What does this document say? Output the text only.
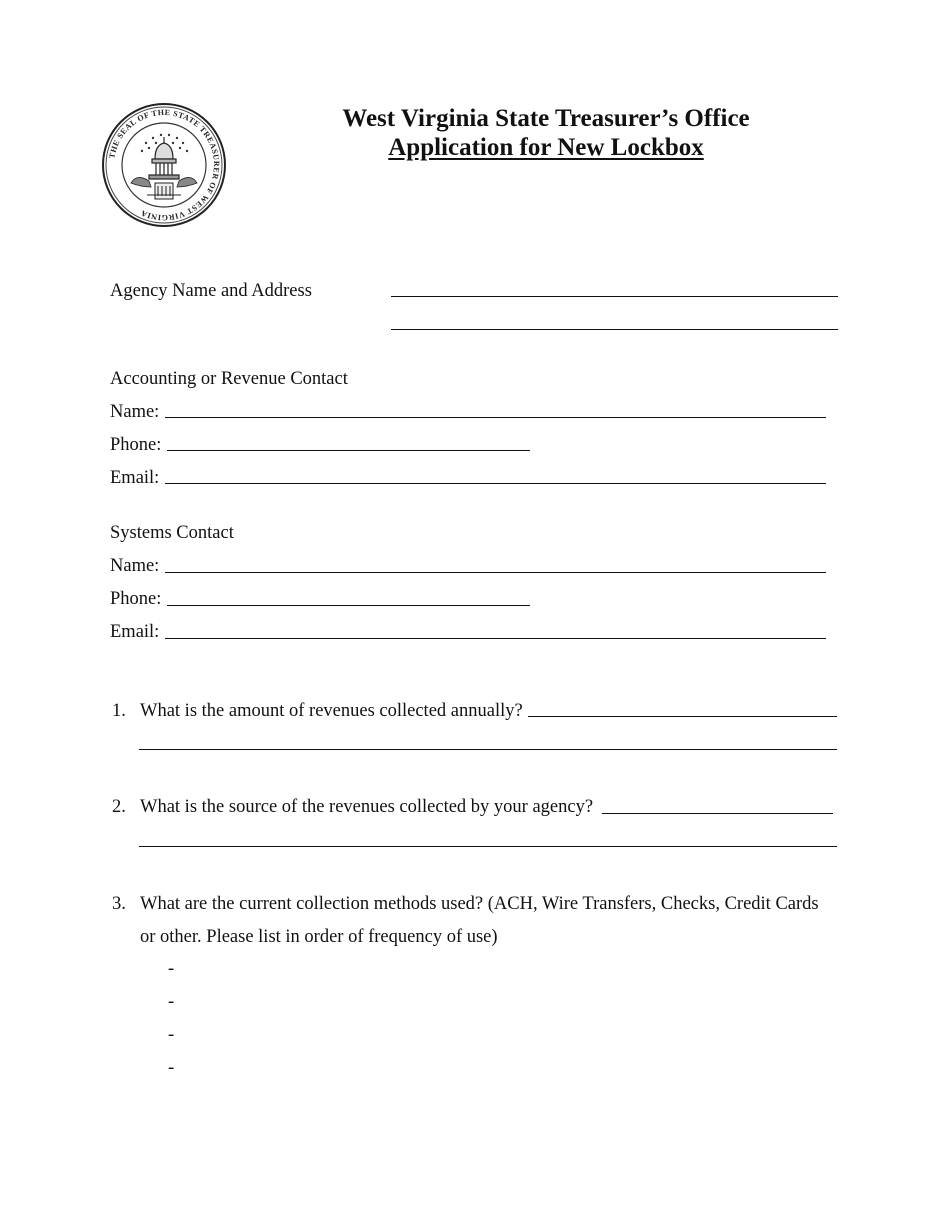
THE SEAL OF THE STATE TREASURER OF WEST VIRGINIA
West Virginia State Treasurer’s Office
Application for New Lockbox
Agency Name and Address
Accounting or Revenue Contact
Name:
Phone:
Email:
Systems Contact
Name:
Phone:
Email:
1. What is the amount of revenues collected annually?
2. What is the source of the revenues collected by your agency?
3. What are the current collection methods used? (ACH, Wire Transfers, Checks, Credit Cards
or other. Please list in order of frequency of use)
-
-
-
-
